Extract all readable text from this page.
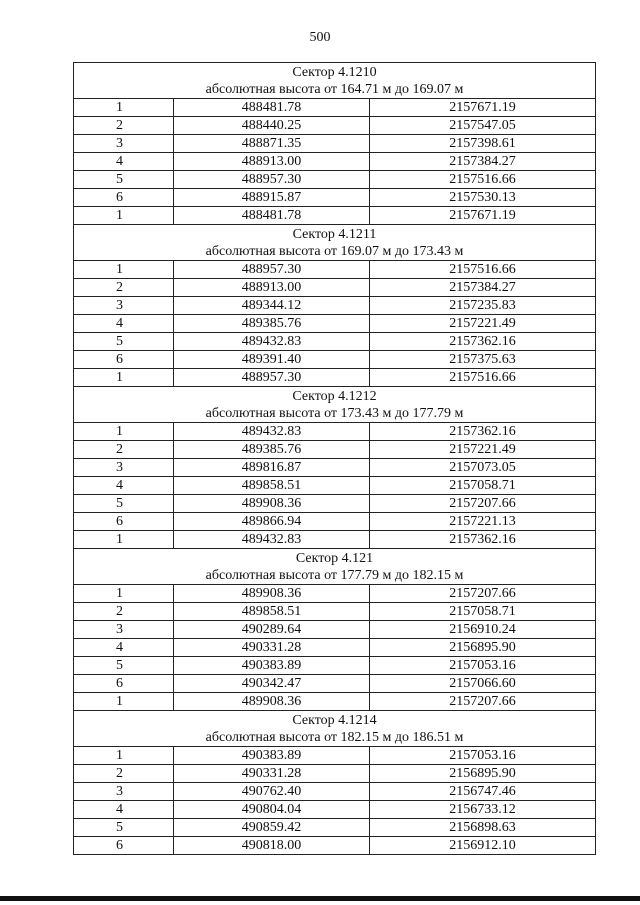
500
Сектор 4.1210
абсолютная высота от 164.71 м до 169.07 м
1	488481.78	2157671.19
2	488440.25	2157547.05
3	488871.35	2157398.61
4	488913.00	2157384.27
5	488957.30	2157516.66
6	488915.87	2157530.13
1	488481.78	2157671.19
Сектор 4.1211
абсолютная высота от 169.07 м до 173.43 м
1	488957.30	2157516.66
2	488913.00	2157384.27
3	489344.12	2157235.83
4	489385.76	2157221.49
5	489432.83	2157362.16
6	489391.40	2157375.63
1	488957.30	2157516.66
Сектор 4.1212
абсолютная высота от 173.43 м до 177.79 м
1	489432.83	2157362.16
2	489385.76	2157221.49
3	489816.87	2157073.05
4	489858.51	2157058.71
5	489908.36	2157207.66
6	489866.94	2157221.13
1	489432.83	2157362.16
Сектор 4.121
абсолютная высота от 177.79 м до 182.15 м
1	489908.36	2157207.66
2	489858.51	2157058.71
3	490289.64	2156910.24
4	490331.28	2156895.90
5	490383.89	2157053.16
6	490342.47	2157066.60
1	489908.36	2157207.66
Сектор 4.1214
абсолютная высота от 182.15 м до 186.51 м
1	490383.89	2157053.16
2	490331.28	2156895.90
3	490762.40	2156747.46
4	490804.04	2156733.12
5	490859.42	2156898.63
6	490818.00	2156912.10
